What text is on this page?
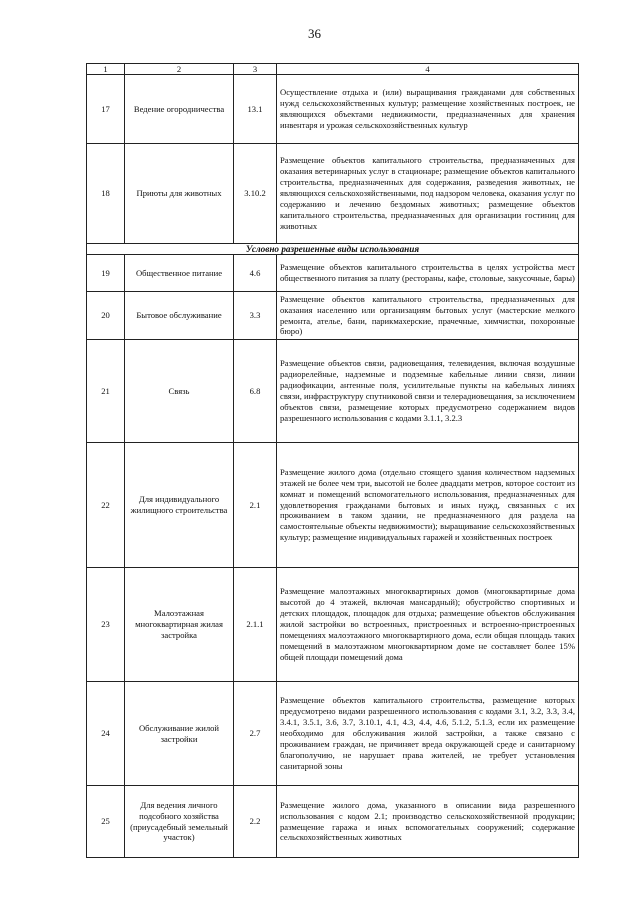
36
1	2	3	4
17	Ведение огородничества	13.1	Осуществление отдыха и (или) выращивания гражданами для собственных нужд сельскохозяйственных культур; размещение хозяйственных построек, не являющихся объектами недвижимости, предназначенных для хранения инвентаря и урожая сельскохозяйственных культур
18	Приюты для животных	3.10.2	Размещение объектов капитального строительства, предназначенных для оказания ветеринарных услуг в стационаре; размещение объектов капитального строительства, предназначенных для содержания, разведения животных, не являющихся сельскохозяйственными, под надзором человека, оказания услуг по содержанию и лечению бездомных животных; размещение объектов капитального строительства, предназначенных для организации гостиниц для животных
Условно разрешенные виды использования			
19	Общественное питание	4.6	Размещение объектов капитального строительства в целях устройства мест общественного питания за плату (рестораны, кафе, столовые, закусочные, бары)
20	Бытовое обслуживание	3.3	Размещение объектов капитального строительства, предназначенных для оказания населению или организациям бытовых услуг (мастерские мелкого ремонта, ателье, бани, парикмахерские, прачечные, химчистки, похоронные бюро)
21	Связь	6.8	Размещение объектов связи, радиовещания, телевидения, включая воздушные радиорелейные, надземные и подземные кабельные линии связи, линии радиофикации, антенные поля, усилительные пункты на кабельных линиях связи, инфраструктуру спутниковой связи и телерадиовещания, за исключением объектов связи, размещение которых предусмотрено содержанием видов разрешенного использования с кодами 3.1.1, 3.2.3
22	Для индивидуального жилищного строительства	2.1	Размещение жилого дома (отдельно стоящего здания количеством надземных этажей не более чем три, высотой не более двадцати метров, которое состоит из комнат и помещений вспомогательного использования, предназначенных для удовлетворения гражданами бытовых и иных нужд, связанных с их проживанием в таком здании, не предназначенного для раздела на самостоятельные объекты недвижимости); выращивание сельскохозяйственных культур; размещение индивидуальных гаражей и хозяйственных построек
23	Малоэтажная многоквартирная жилая застройка	2.1.1	Размещение малоэтажных многоквартирных домов (многоквартирные дома высотой до 4 этажей, включая мансардный); обустройство спортивных и детских площадок, площадок для отдыха; размещение объектов обслуживания жилой застройки во встроенных, пристроенных и встроенно-пристроенных помещениях малоэтажного многоквартирного дома, если общая площадь таких помещений в малоэтажном многоквартирном доме не составляет более 15% общей площади помещений дома
24	Обслуживание жилой застройки	2.7	Размещение объектов капитального строительства, размещение которых предусмотрено видами разрешенного использования с кодами 3.1, 3.2, 3.3, 3.4, 3.4.1, 3.5.1, 3.6, 3.7, 3.10.1, 4.1, 4.3, 4.4, 4.6, 5.1.2, 5.1.3, если их размещение необходимо для обслуживания жилой застройки, а также связано с проживанием граждан, не причиняет вреда окружающей среде и санитарному благополучию, не нарушает права жителей, не требует установления санитарной зоны
25	Для ведения личного подсобного хозяйства (приусадебный земельный участок)	2.2	Размещение жилого дома, указанного в описании вида разрешенного использования с кодом 2.1; производство сельскохозяйственной продукции; размещение гаража и иных вспомогательных сооружений; содержание сельскохозяйственных животных
